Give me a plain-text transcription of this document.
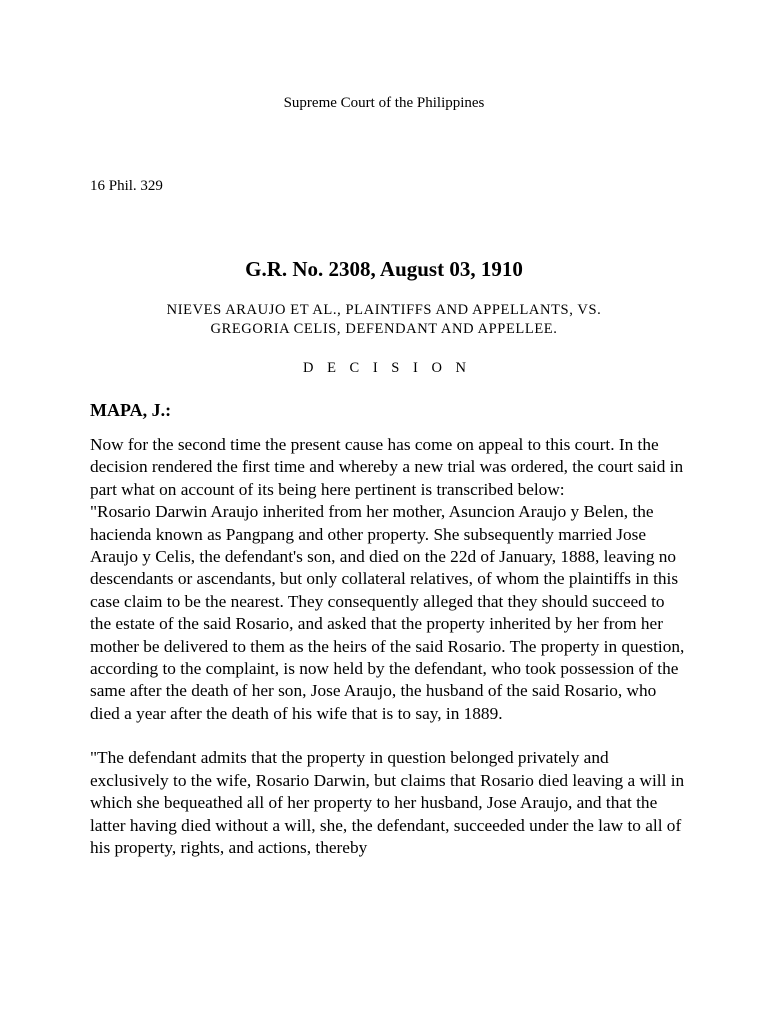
Supreme Court of the Philippines
16 Phil. 329
G.R. No. 2308, August 03, 1910
NIEVES ARAUJO ET AL., PLAINTIFFS AND APPELLANTS, VS.
GREGORIA CELIS, DEFENDANT AND APPELLEE.
D E C I S I O N
MAPA, J.:

Now for the second time the present cause has come on appeal to this court. In the decision rendered the first time and whereby a new trial was ordered, the court said in part what on account of its being here pertinent is transcribed below:

"Rosario Darwin Araujo inherited from her mother, Asuncion Araujo y Belen, the hacienda known as Pangpang and other property. She subsequently married Jose Araujo y Celis, the defendant's son, and died on the 22d of January, 1888, leaving no descendants or ascendants, but only collateral relatives, of whom the plaintiffs in this case claim to be the nearest. They consequently alleged that they should succeed to the estate of the said Rosario, and asked that the property inherited by her from her mother be delivered to them as the heirs of the said Rosario. The property in question, according to the complaint, is now held by the defendant, who took possession of the same after the death of her son, Jose Araujo, the husband of the said Rosario, who died a year after the death of his wife that is to say, in 1889.

"The defendant admits that the property in question belonged privately and exclusively to the wife, Rosario Darwin, but claims that Rosario died leaving a will in which she bequeathed all of her property to her husband, Jose Araujo, and that the latter having died without a will, she, the defendant, succeeded under the law to all of his property, rights, and actions, thereby
